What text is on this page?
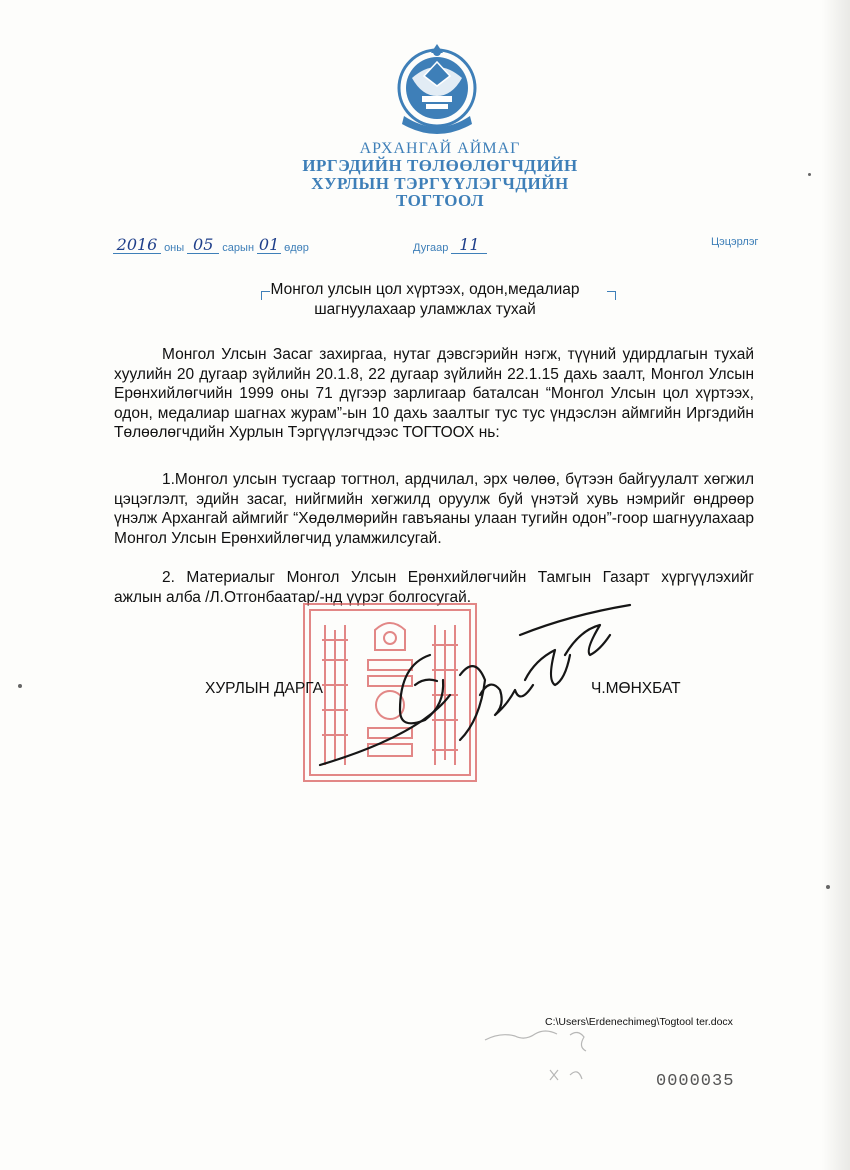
АРХАНГАЙ АЙМАГ
ИРГЭДИЙН ТӨЛӨӨЛӨГЧДИЙН
ХУРЛЫН ТЭРГҮҮЛЭГЧДИЙН
ТОГТООЛ
2016 оны 05 сарын 01 өдөр	Дугаар 11	Цэцэрлэг
Монгол улсын цол хүртээх, одон,медалиар
шагнуулахаар уламжлах тухай

Монгол Улсын Засаг захиргаа, нутаг дэвсгэрийн нэгж, түүний удирдлагын тухай хуулийн 20 дугаар зүйлийн 20.1.8, 22 дугаар зүйлийн 22.1.15 дахь заалт, Монгол Улсын Ерөнхийлөгчийн 1999 оны 71 дүгээр зарлигаар баталсан “Монгол Улсын цол хүртээх, одон, медалиар шагнах журам”-ын 10 дахь заалтыг тус тус үндэслэн аймгийн Иргэдийн Төлөөлөгчдийн Хурлын Тэргүүлэгчдээс ТОГТООХ нь:

1.Монгол улсын тусгаар тогтнол, ардчилал, эрх чөлөө, бүтээн байгуулалт хөгжил цэцэглэлт, эдийн засаг, нийгмийн хөгжилд оруулж буй үнэтэй хувь нэмрийг өндрөөр үнэлж Архангай аймгийг “Хөдөлмөрийн гавъяаны улаан тугийн одон”-гоор шагнуулахаар Монгол Улсын Ерөнхийлөгчид уламжилсугай.

2. Материалыг Монгол Улсын Ерөнхийлөгчийн Тамгын Газарт хүргүүлэхийг ажлын алба /Л.Отгонбаатар/-нд үүрэг болгосугай.

ХУРЛЫН ДАРГА	Ч.МӨНХБАТ
C:\Users\Erdenechimeg\Togtool ter.docx
0000035
